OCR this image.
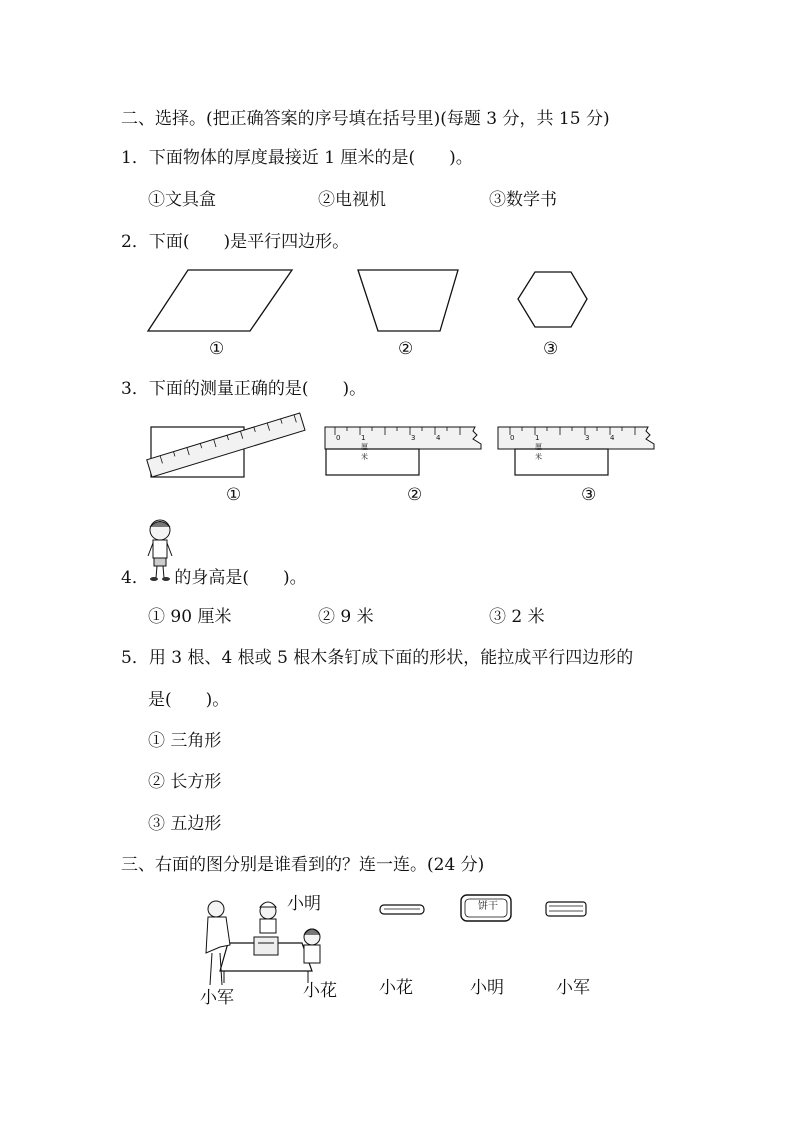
二、选择。(把正确答案的序号填在括号里)(每题 3 分，共 15 分)
1．下面物体的厚度最接近 1 厘米的是(　　)。
①文具盒	②电视机	③数学书
2．下面(　　)是平行四边形。
①	②	③
3．下面的测量正确的是(　　)。
0	1厘米
3	4	0	1厘米
3	4
①	②	③
4．　　的身高是(　　)。
① 90 厘米	② 9 米	③ 2 米
5．用 3 根、4 根或 5 根木条钉成下面的形状，能拉成平行四边形的
是(　　)。
① 三角形
② 长方形
③ 五边形
三、右面的图分别是谁看到的？连一连。(24 分)
小明
小军	小花
饼干
小花	小明	小军
